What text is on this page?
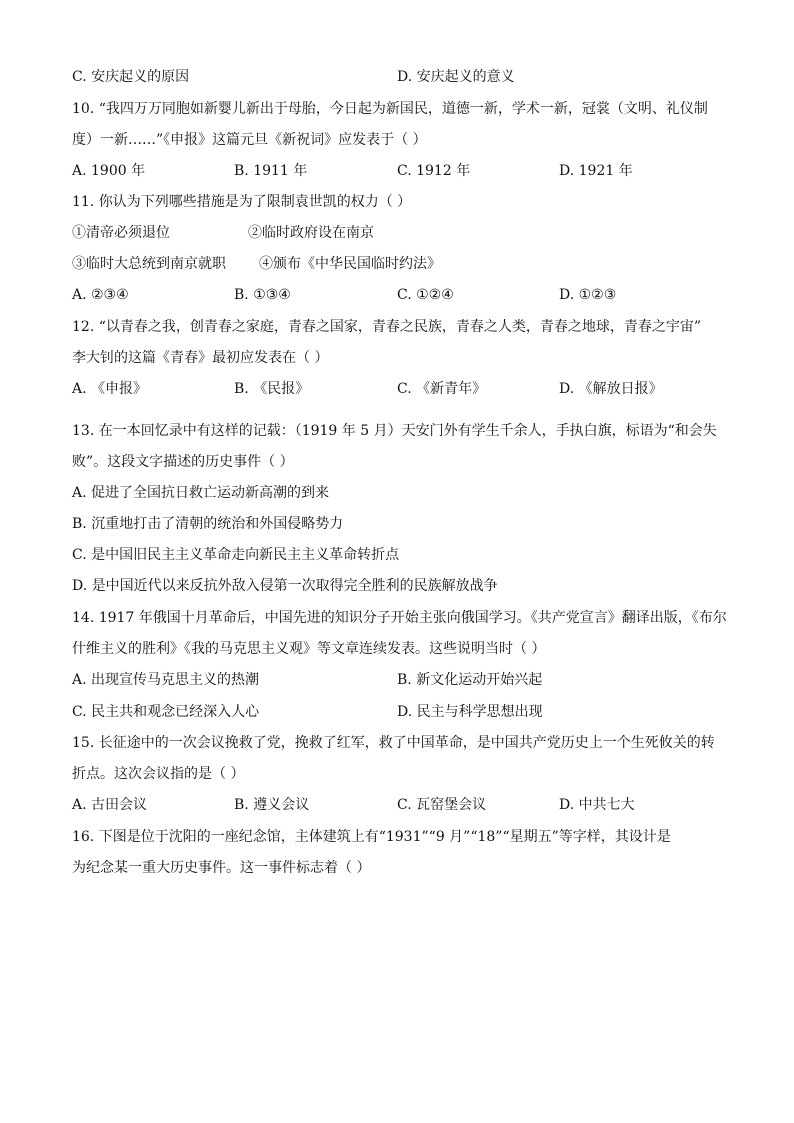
C. 安庆起义的原因	D. 安庆起义的意义
10. “我四万万同胞如新婴儿新出于母胎，今日起为新国民，道德一新，学术一新，冠裳（文明、礼仪制
度）一新……”《申报》这篇元旦《新祝词》应发表于（ ）
A. 1900 年	B. 1911 年	C. 1912 年	D. 1921 年
11. 你认为下列哪些措施是为了限制袁世凯的权力（ ）
①清帝必须退位	②临时政府设在南京
③临时大总统到南京就职 ④颁布《中华民国临时约法》
A. ②③④	B. ①③④	C. ①②④	D. ①②③
12. “以青春之我，创青春之家庭，青春之国家，青春之民族，青春之人类，青春之地球，青春之宇宙”
李大钊的这篇《青春》最初应发表在（ ）
A. 《申报》	B. 《民报》	C. 《新青年》	D. 《解放日报》
13. 在一本回忆录中有这样的记载：（1919 年 5 月）天安门外有学生千余人，手执白旗，标语为“和会失
败”。这段文字描述的历史事件（ ）
A. 促进了全国抗日救亡运动新高潮的到来
B. 沉重地打击了清朝的统治和外国侵略势力
C. 是中国旧民主主义革命走向新民主主义革命转折点
D. 是中国近代以来反抗外敌入侵第一次取得完全胜利的民族解放战争
14. 1917 年俄国十月革命后，中国先进的知识分子开始主张向俄国学习。《共产党宣言》翻译出版，《布尔
什维主义的胜利》《我的马克思主义观》等文章连续发表。这些说明当时（ ）
A. 出现宣传马克思主义的热潮	B. 新文化运动开始兴起
C. 民主共和观念已经深入人心	D. 民主与科学思想出现
15. 长征途中的一次会议挽救了党，挽救了红军，救了中国革命，是中国共产党历史上一个生死攸关的转
折点。这次会议指的是（ ）
A. 古田会议	B. 遵义会议	C. 瓦窑堡会议	D. 中共七大
16. 下图是位于沈阳的一座纪念馆，主体建筑上有“1931”“9 月”“18”“星期五”等字样，其设计是
为纪念某一重大历史事件。这一事件标志着（ ）
